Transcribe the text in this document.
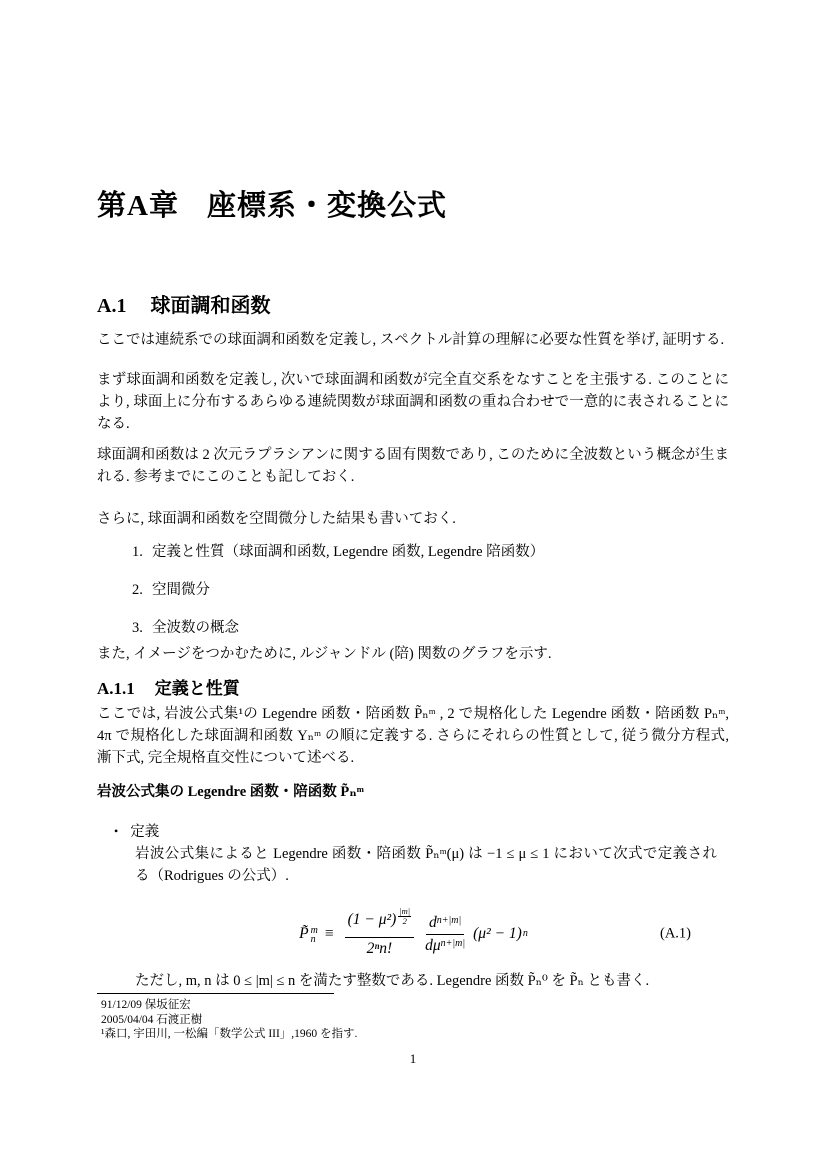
第A章 座標系・変換公式
A.1 球面調和函数

ここでは連続系での球面調和函数を定義し, スペクトル計算の理解に必要な性質を挙げ, 証明する.

まず球面調和函数を定義し, 次いで球面調和函数が完全直交系をなすことを主張する. このことにより, 球面上に分布するあらゆる連続関数が球面調和函数の重ね合わせで一意的に表されることになる.

球面調和函数は 2 次元ラプラシアンに関する固有関数であり, このために全波数という概念が生まれる. 参考までにこのことも記しておく.

さらに, 球面調和函数を空間微分した結果も書いておく.

1. 定義と性質（球面調和函数, Legendre 函数, Legendre 陪函数）
2. 空間微分
3. 全波数の概念

また, イメージをつかむために, ルジャンドル (陪) 関数のグラフを示す.

A.1.1 定義と性質

ここでは, 岩波公式集¹の Legendre 函数・陪函数 P̃ₙᵐ , 2 で規格化した Legendre 函数・陪函数 Pₙᵐ, 4π で規格化した球面調和函数 Yₙᵐ の順に定義する. さらにそれらの性質として, 従う微分方程式, 漸下式, 完全規格直交性について述べる.

岩波公式集の Legendre 函数・陪函数 P̃ₙᵐ

• 定義
岩波公式集によると Legendre 函数・陪函数 P̃ₙᵐ(μ) は −1 ≤ μ ≤ 1 において次式で定義される（Rodrigues の公式）.
P̃ m
$n \equiv \frac{(1 - \mu^2) \frac{|m|}{2}}{\text{2ⁿn!}} \frac{d^{n+|m|}}{d\mu^{n+|m|}} (\mu^2 - 1)$ n	(A.1)
ただし, m, n は 0 ≤ |m| ≤ n を満たす整数である. Legendre 函数 P̃ₙ⁰ を P̃ₙ とも書く.
91/12/09 保坂征宏
2005/04/04 石渡正樹
¹森口, 宇田川, 一松編「数学公式 III」,1960 を指す.
1
